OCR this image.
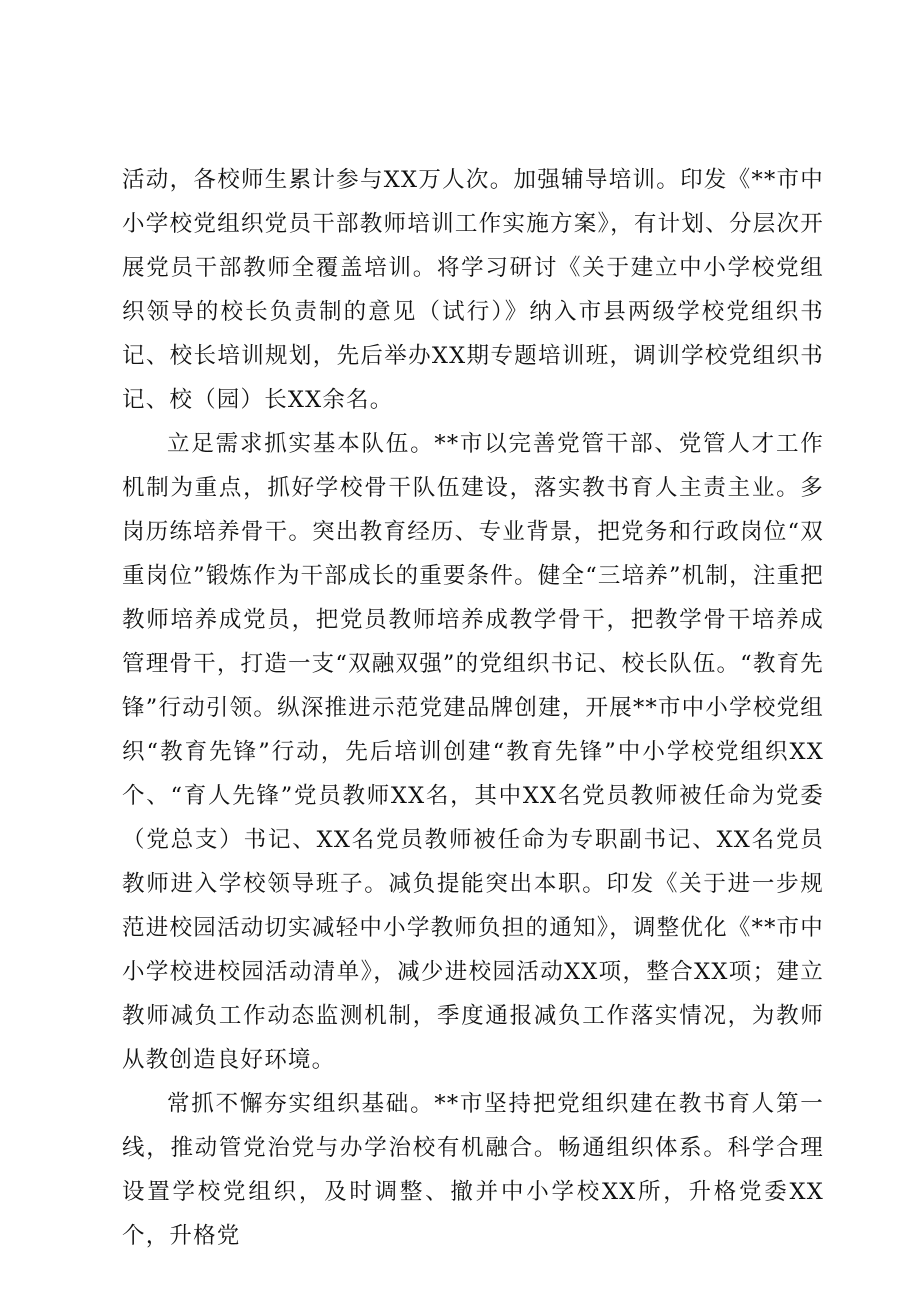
活动，各校师生累计参与XX万人次。加强辅导培训。印发《**市中小学校党组织党员干部教师培训工作实施方案》，有计划、分层次开展党员干部教师全覆盖培训。将学习研讨《关于建立中小学校党组织领导的校长负责制的意见（试行）》纳入市县两级学校党组织书记、校长培训规划，先后举办XX期专题培训班，调训学校党组织书记、校（园）长XX余名。

立足需求抓实基本队伍。**市以完善党管干部、党管人才工作机制为重点，抓好学校骨干队伍建设，落实教书育人主责主业。多岗历练培养骨干。突出教育经历、专业背景，把党务和行政岗位“双重岗位”锻炼作为干部成长的重要条件。健全“三培养”机制，注重把教师培养成党员，把党员教师培养成教学骨干，把教学骨干培养成管理骨干，打造一支“双融双强”的党组织书记、校长队伍。“教育先锋”行动引领。纵深推进示范党建品牌创建，开展**市中小学校党组织“教育先锋”行动，先后培训创建“教育先锋”中小学校党组织XX个、“育人先锋”党员教师XX名，其中XX名党员教师被任命为党委（党总支）书记、XX名党员教师被任命为专职副书记、XX名党员教师进入学校领导班子。减负提能突出本职。印发《关于进一步规范进校园活动切实减轻中小学教师负担的通知》，调整优化《**市中小学校进校园活动清单》，减少进校园活动XX项，整合XX项；建立教师减负工作动态监测机制，季度通报减负工作落实情况，为教师从教创造良好环境。

常抓不懈夯实组织基础。**市坚持把党组织建在教书育人第一线，推动管党治党与办学治校有机融合。畅通组织体系。科学合理设置学校党组织，及时调整、撤并中小学校XX所，升格党委XX个，升格党
